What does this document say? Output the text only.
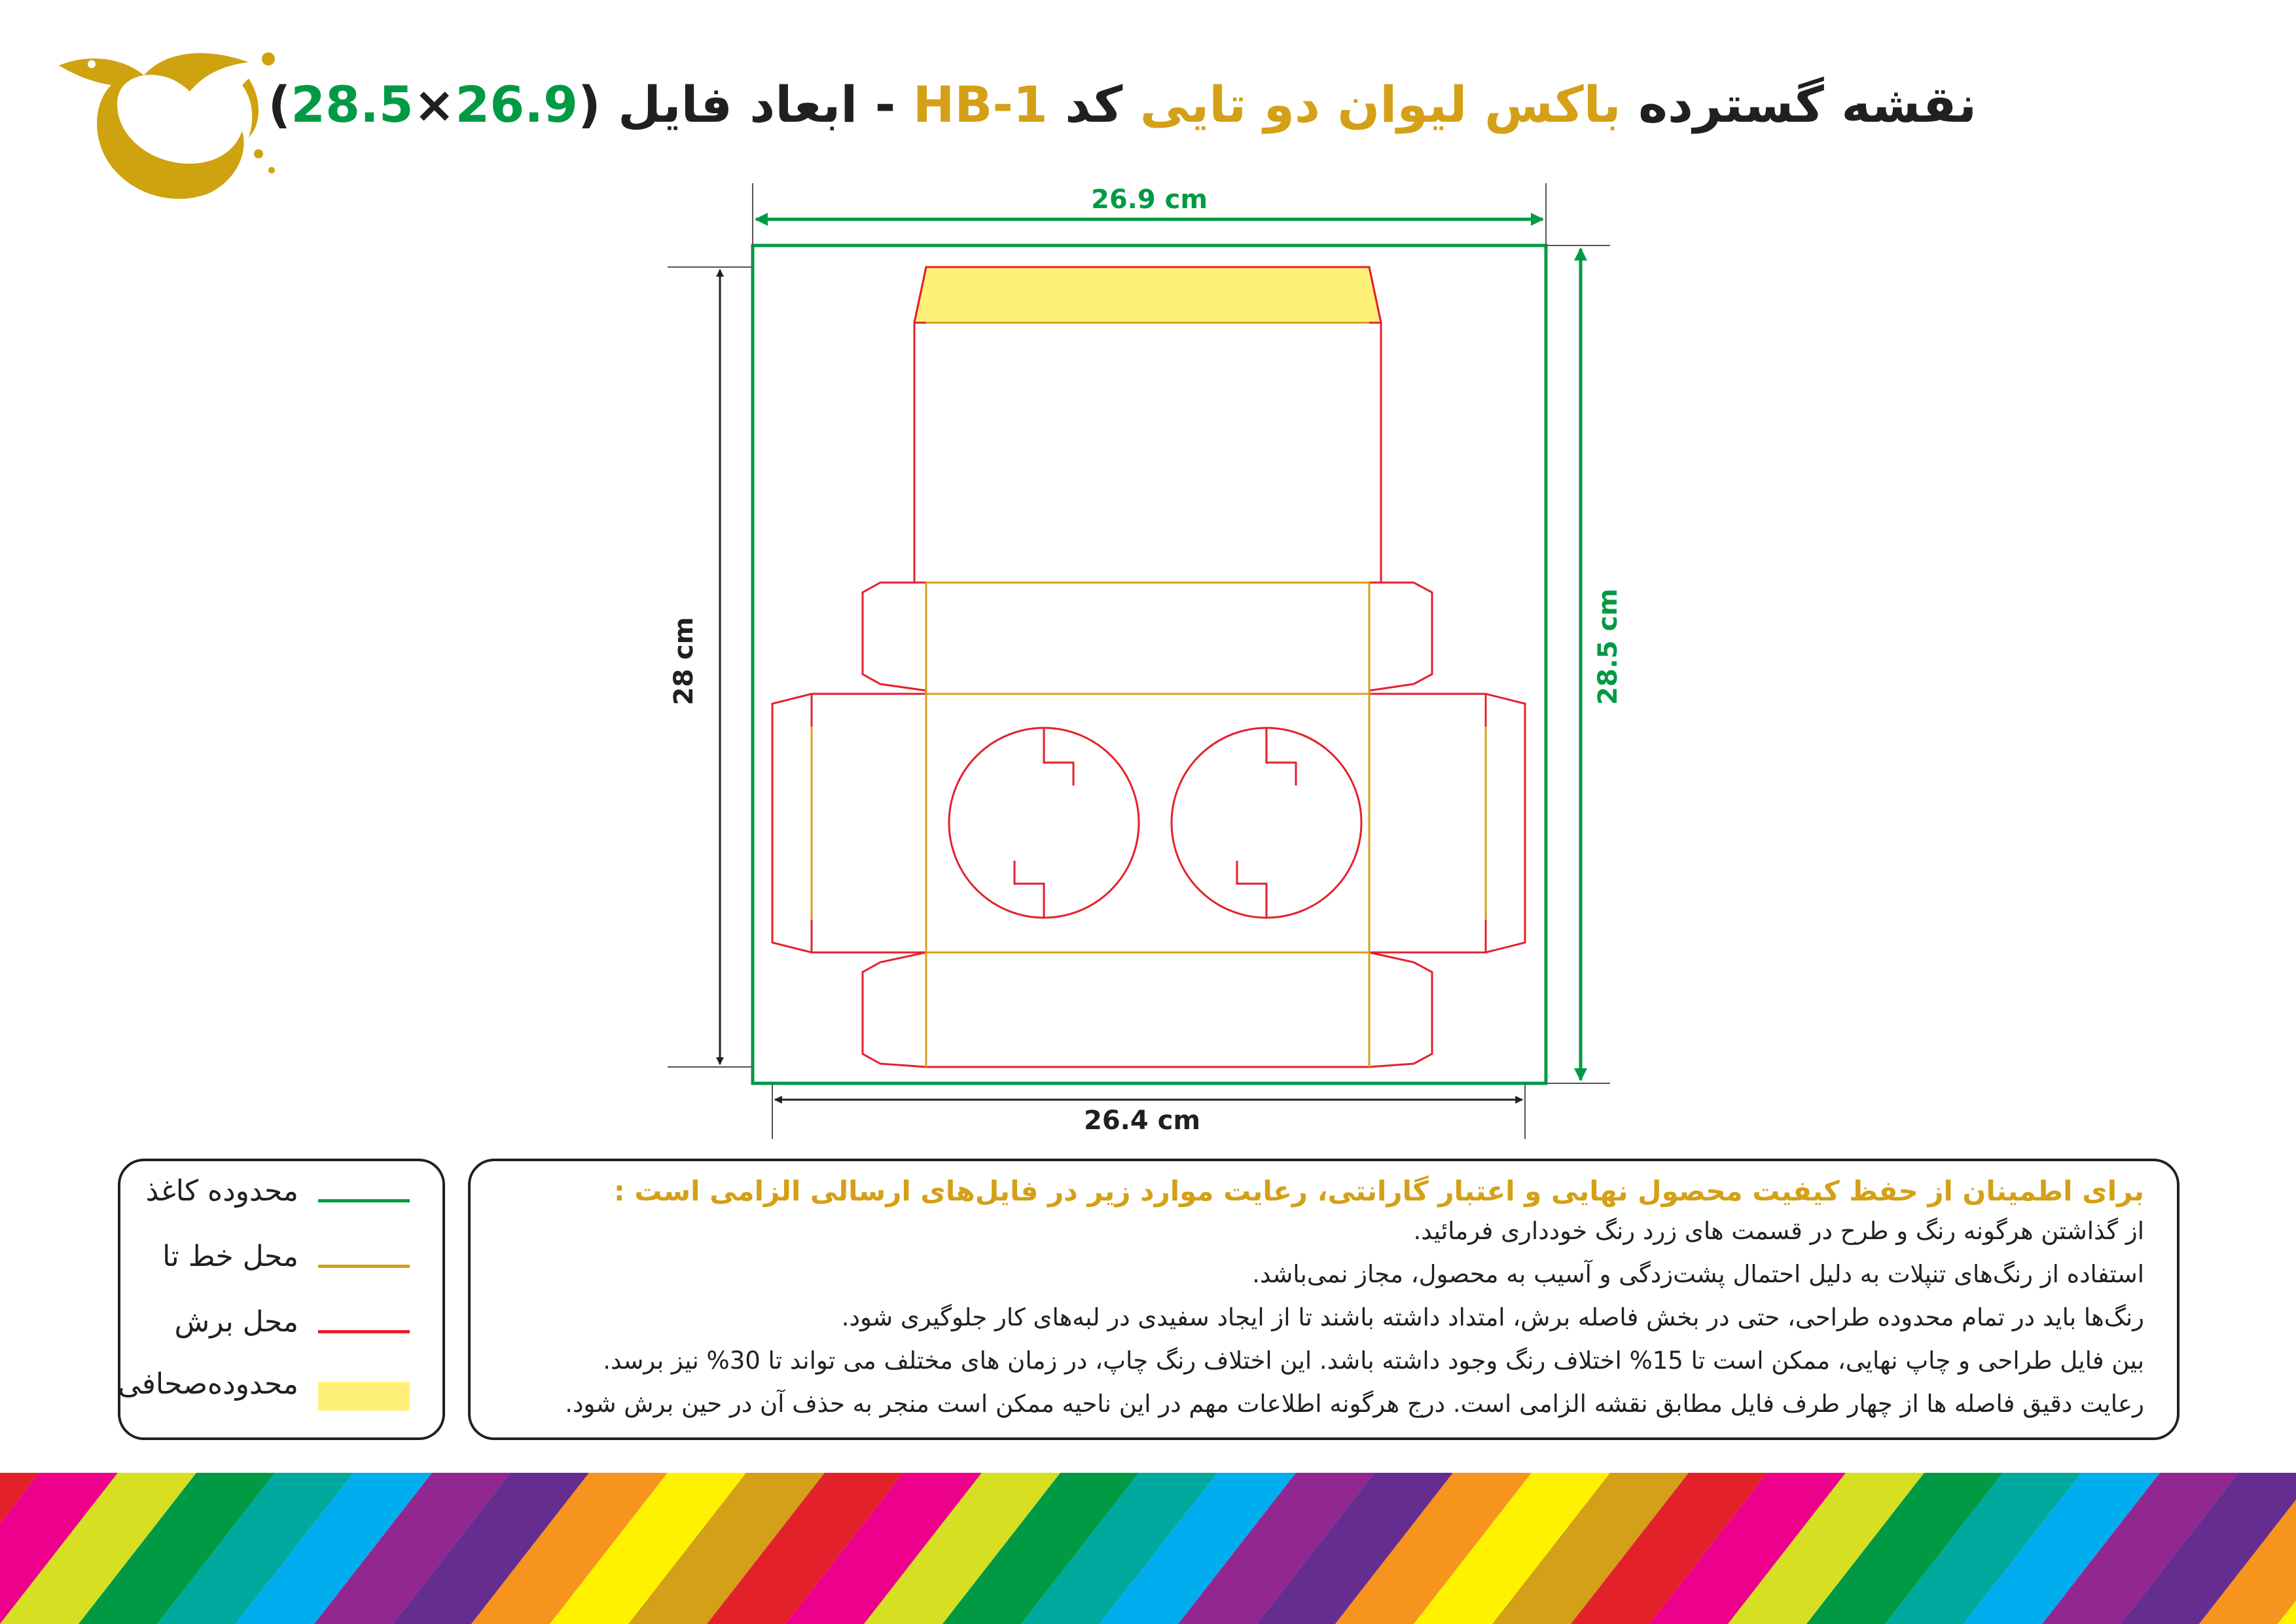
نقشه گسترده باکس لیوان دو تایی کد HB-1 - ابعاد فایل (26.9×28.5)
26.9 cm
26.4 cm
28 cm	28.5 cm
محدوده کاغذ
محل خط تا
محل برش
محدوده‌صحافی
برای اطمینان از حفظ کیفیت محصول نهایی و اعتبار گارانتی، رعایت موارد زیر در فایل‌های ارسالی الزامی است :
از گذاشتن هرگونه رنگ و طرح در قسمت های زرد رنگ خودداری فرمائید.
استفاده از رنگ‌های تنپلات به دلیل احتمال پشت‌زدگی و آسیب به محصول، مجاز نمی‌باشد.
رنگ‌ها باید در تمام محدوده طراحی، حتی در بخش فاصله برش، امتداد داشته باشند تا از ایجاد سفیدی در لبه‌های کار جلوگیری شود.
بین فایل طراحی و چاپ نهایی، ممکن است تا 15% اختلاف رنگ وجود داشته باشد. این اختلاف رنگ چاپ، در زمان های مختلف می تواند تا 30% نیز برسد.
رعایت دقیق فاصله ها از چهار طرف فایل مطابق نقشه الزامی است. درج هرگونه اطلاعات مهم در این ناحیه ممکن است منجر به حذف آن در حین برش شود.
